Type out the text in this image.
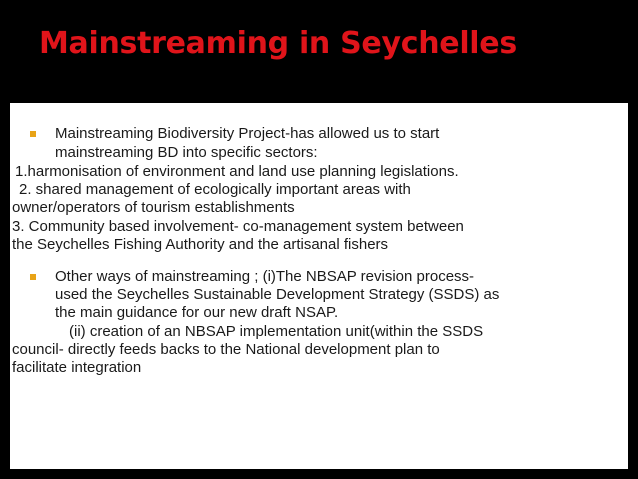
Mainstreaming in Seychelles
Mainstreaming Biodiversity Project-has allowed us to start
mainstreaming BD into specific sectors:
1.harmonisation of environment and land use planning legislations.
2. shared management of ecologically important areas with
owner/operators of tourism establishments
3. Community based involvement- co-management system between
the Seychelles Fishing Authority and the artisanal fishers
Other ways of mainstreaming ; (i)The NBSAP revision process-
used the Seychelles Sustainable Development Strategy (SSDS) as
the main guidance for our new draft NSAP.
(ii) creation of an NBSAP implementation unit(within the SSDS
council- directly feeds backs to the National development plan to
facilitate integration
